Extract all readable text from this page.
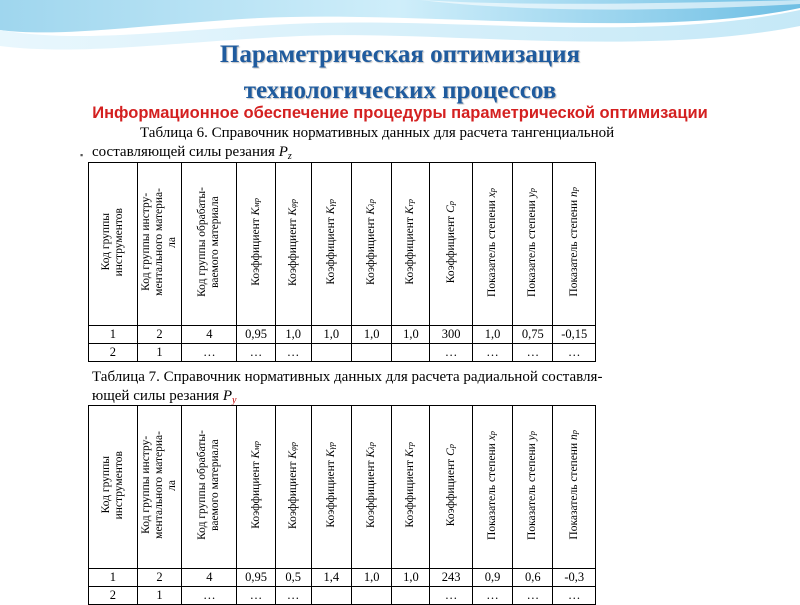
Параметрическая оптимизация
технологических процессов
Информационное обеспечение процедуры параметрической оптимизации
▪

Таблица 6. Справочник нормативных данных для расчета тангенциальной

составляющей силы резания $P_z$

Код группы
инструментов	Код группы инстру-
ментального материа-
ла	Код группы обрабаты-
ваемого материала	Коэффициент Kмр	Коэффициент Kφр	Коэффициент Kγр	Коэффициент Kλр	Коэффициент Krр	Коэффициент Cр	Показатель степени xр	Показатель степени yр	Показатель степени nр
1	2	4	0,95	1,0	1,0	1,0	1,0	300	1,0	0,75	-0,15
2	1	…	…	…				…	…	…	…

Таблица 7. Справочник нормативных данных для расчета радиальной составля-

ющей силы резания $P_у$

Код группы
инструментов	Код группы инстру-
ментального материа-
ла	Код группы обрабаты-
ваемого материала	Коэффициент Kмр	Коэффициент Kφр	Коэффициент Kγр	Коэффициент Kλр	Коэффициент Krр	Коэффициент Cр	Показатель степени xр	Показатель степени yр	Показатель степени nр
1	2	4	0,95	0,5	1,4	1,0	1,0	243	0,9	0,6	-0,3
2	1	…	…	…				…	…	…	…
